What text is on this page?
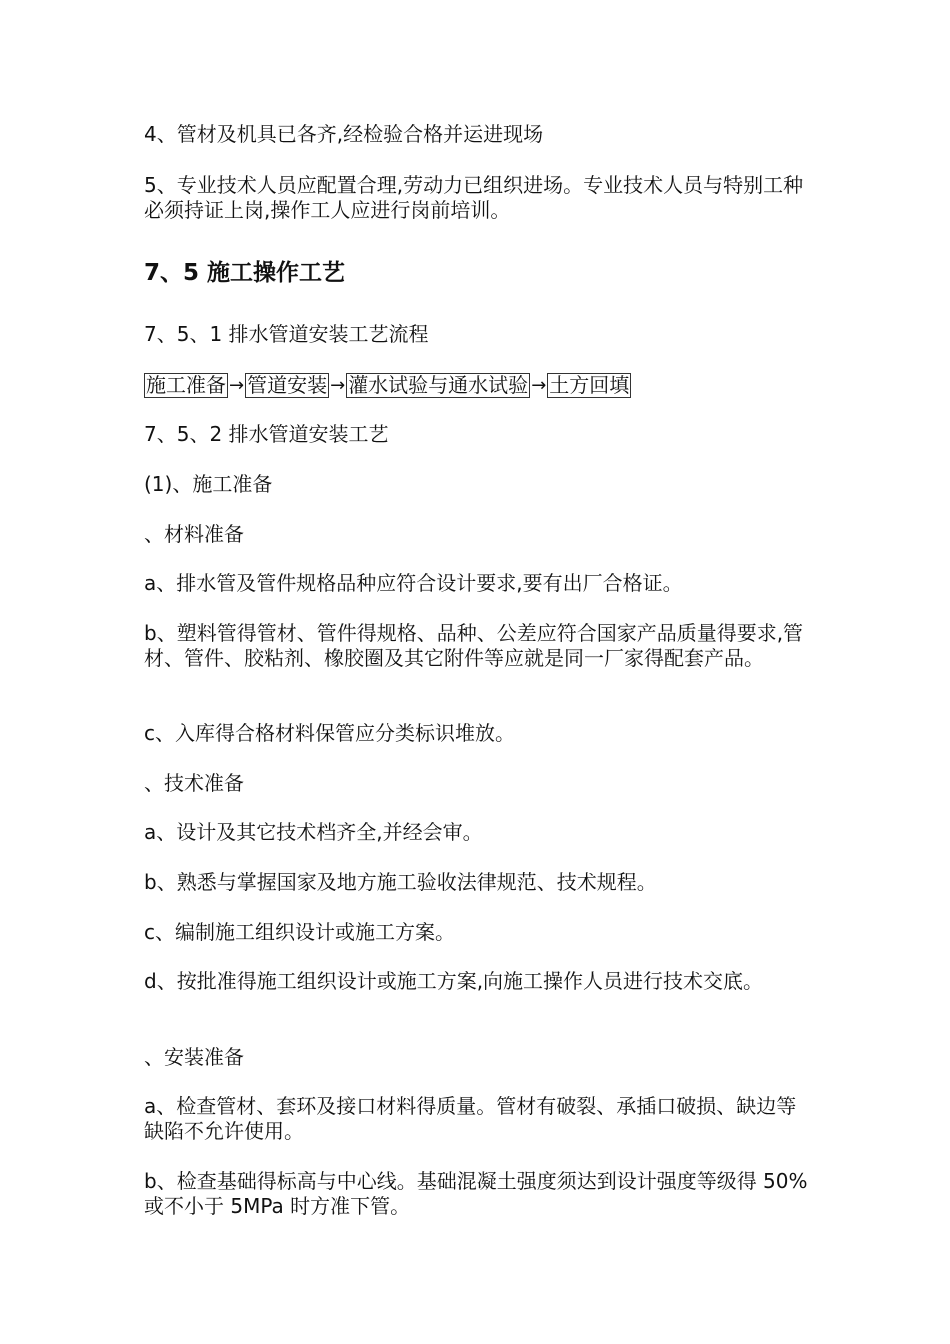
4、管材及机具已各齐,经检验合格并运进现场

5、专业技术人员应配置合理,劳动力已组织进场。专业技术人员与特别工种必须持证上岗,操作工人应进行岗前培训。

7、5 施工操作工艺

7、5、1 排水管道安装工艺流程

施工准备 → 管道安装 → 灌水试验与通水试验 → 土方回填

7、5、2 排水管道安装工艺

(1)、施工准备

、材料准备

a、排水管及管件规格品种应符合设计要求,要有出厂合格证。

b、塑料管得管材、管件得规格、品种、公差应符合国家产品质量得要求,管材、管件、胶粘剂、橡胶圈及其它附件等应就是同一厂家得配套产品。

c、入库得合格材料保管应分类标识堆放。

、技术准备

a、设计及其它技术档齐全,并经会审。

b、熟悉与掌握国家及地方施工验收法律规范、技术规程。

c、编制施工组织设计或施工方案。

d、按批准得施工组织设计或施工方案,向施工操作人员进行技术交底。

、安装准备

a、检查管材、套环及接口材料得质量。管材有破裂、承插口破损、缺边等缺陷不允许使用。

b、检查基础得标高与中心线。基础混凝土强度须达到设计强度等级得 50%或不小于 5MPa 时方准下管。
